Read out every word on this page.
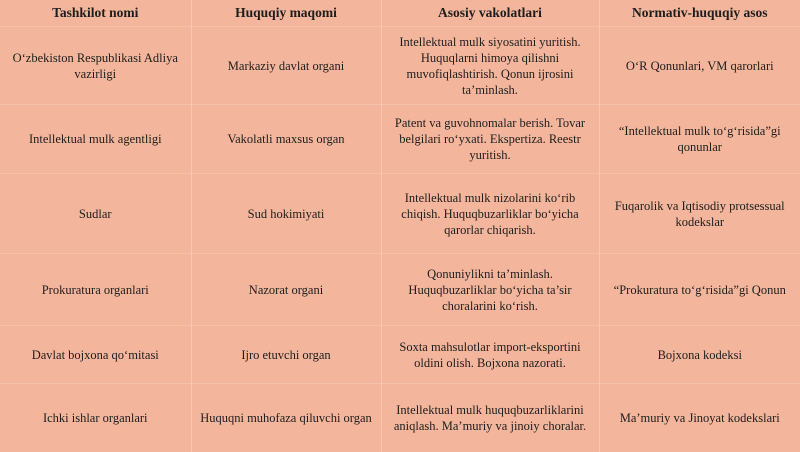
Tashkilot nomi	Huquqiy maqomi	Asosiy vakolatlari	Normativ-huquqiy asos
O‘zbekiston Respublikasi Adliya vazirligi	Markaziy davlat organi	Intellektual mulk siyosatini yuritish. Huquqlarni himoya qilishni muvofiqlashtirish. Qonun ijrosini ta’minlash.	O‘R Qonunlari, VM qarorlari
Intellektual mulk agentligi	Vakolatli maxsus organ	Patent va guvohnomalar berish. Tovar belgilari ro‘yxati. Ekspertiza. Reestr yuritish.	“Intellektual mulk to‘g‘risida”gi qonunlar
Sudlar	Sud hokimiyati	Intellektual mulk nizolarini ko‘rib chiqish. Huquqbuzarliklar bo‘yicha qarorlar chiqarish.	Fuqarolik va Iqtisodiy protsessual kodekslar
Prokuratura organlari	Nazorat organi	Qonuniylikni ta’minlash. Huquqbuzarliklar bo‘yicha ta’sir choralarini ko‘rish.	“Prokuratura to‘g‘risida”gi Qonun
Davlat bojxona qo‘mitasi	Ijro etuvchi organ	Soxta mahsulotlar import-eksportini oldini olish. Bojxona nazorati.	Bojxona kodeksi
Ichki ishlar organlari	Huquqni muhofaza qiluvchi organ	Intellektual mulk huquqbuzarliklarini aniqlash. Ma’muriy va jinoiy choralar.	Ma’muriy va Jinoyat kodekslari
